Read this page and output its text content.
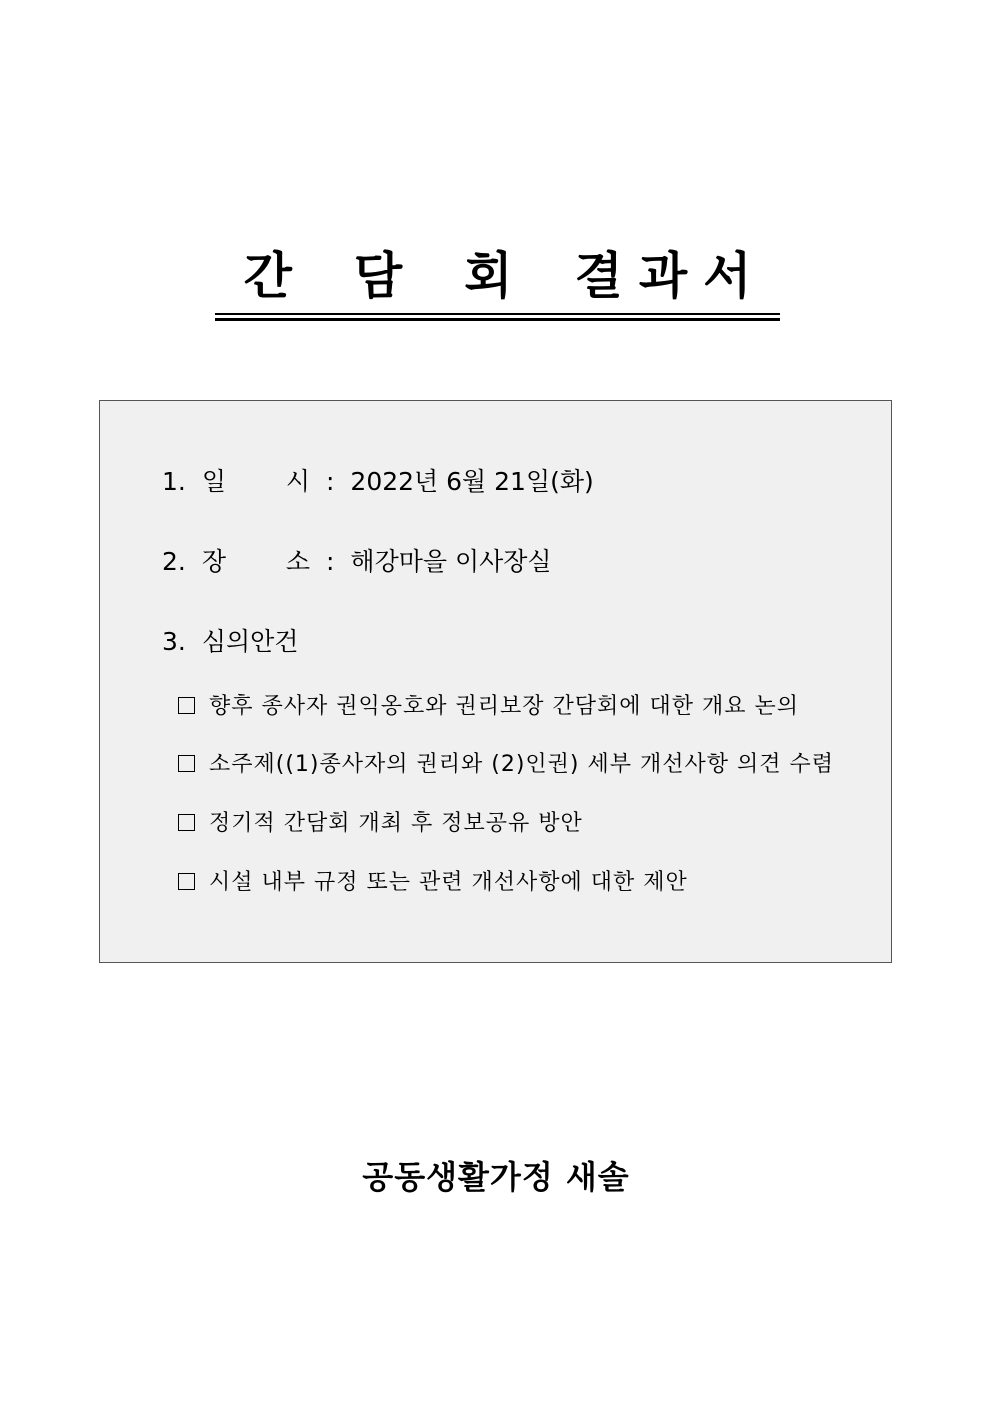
간 담 회 결 과 서
1. 일 시 : 2022년 6월 21일(화)
2. 장 소 : 해강마을 이사장실
3. 심의안건
향후 종사자 권익옹호와 권리보장 간담회에 대한 개요 논의
소주제((1)종사자의 권리와 (2)인권) 세부 개선사항 의견 수렴
정기적 간담회 개최 후 정보공유 방안
시설 내부 규정 또는 관련 개선사항에 대한 제안
공동생활가정 새솔
